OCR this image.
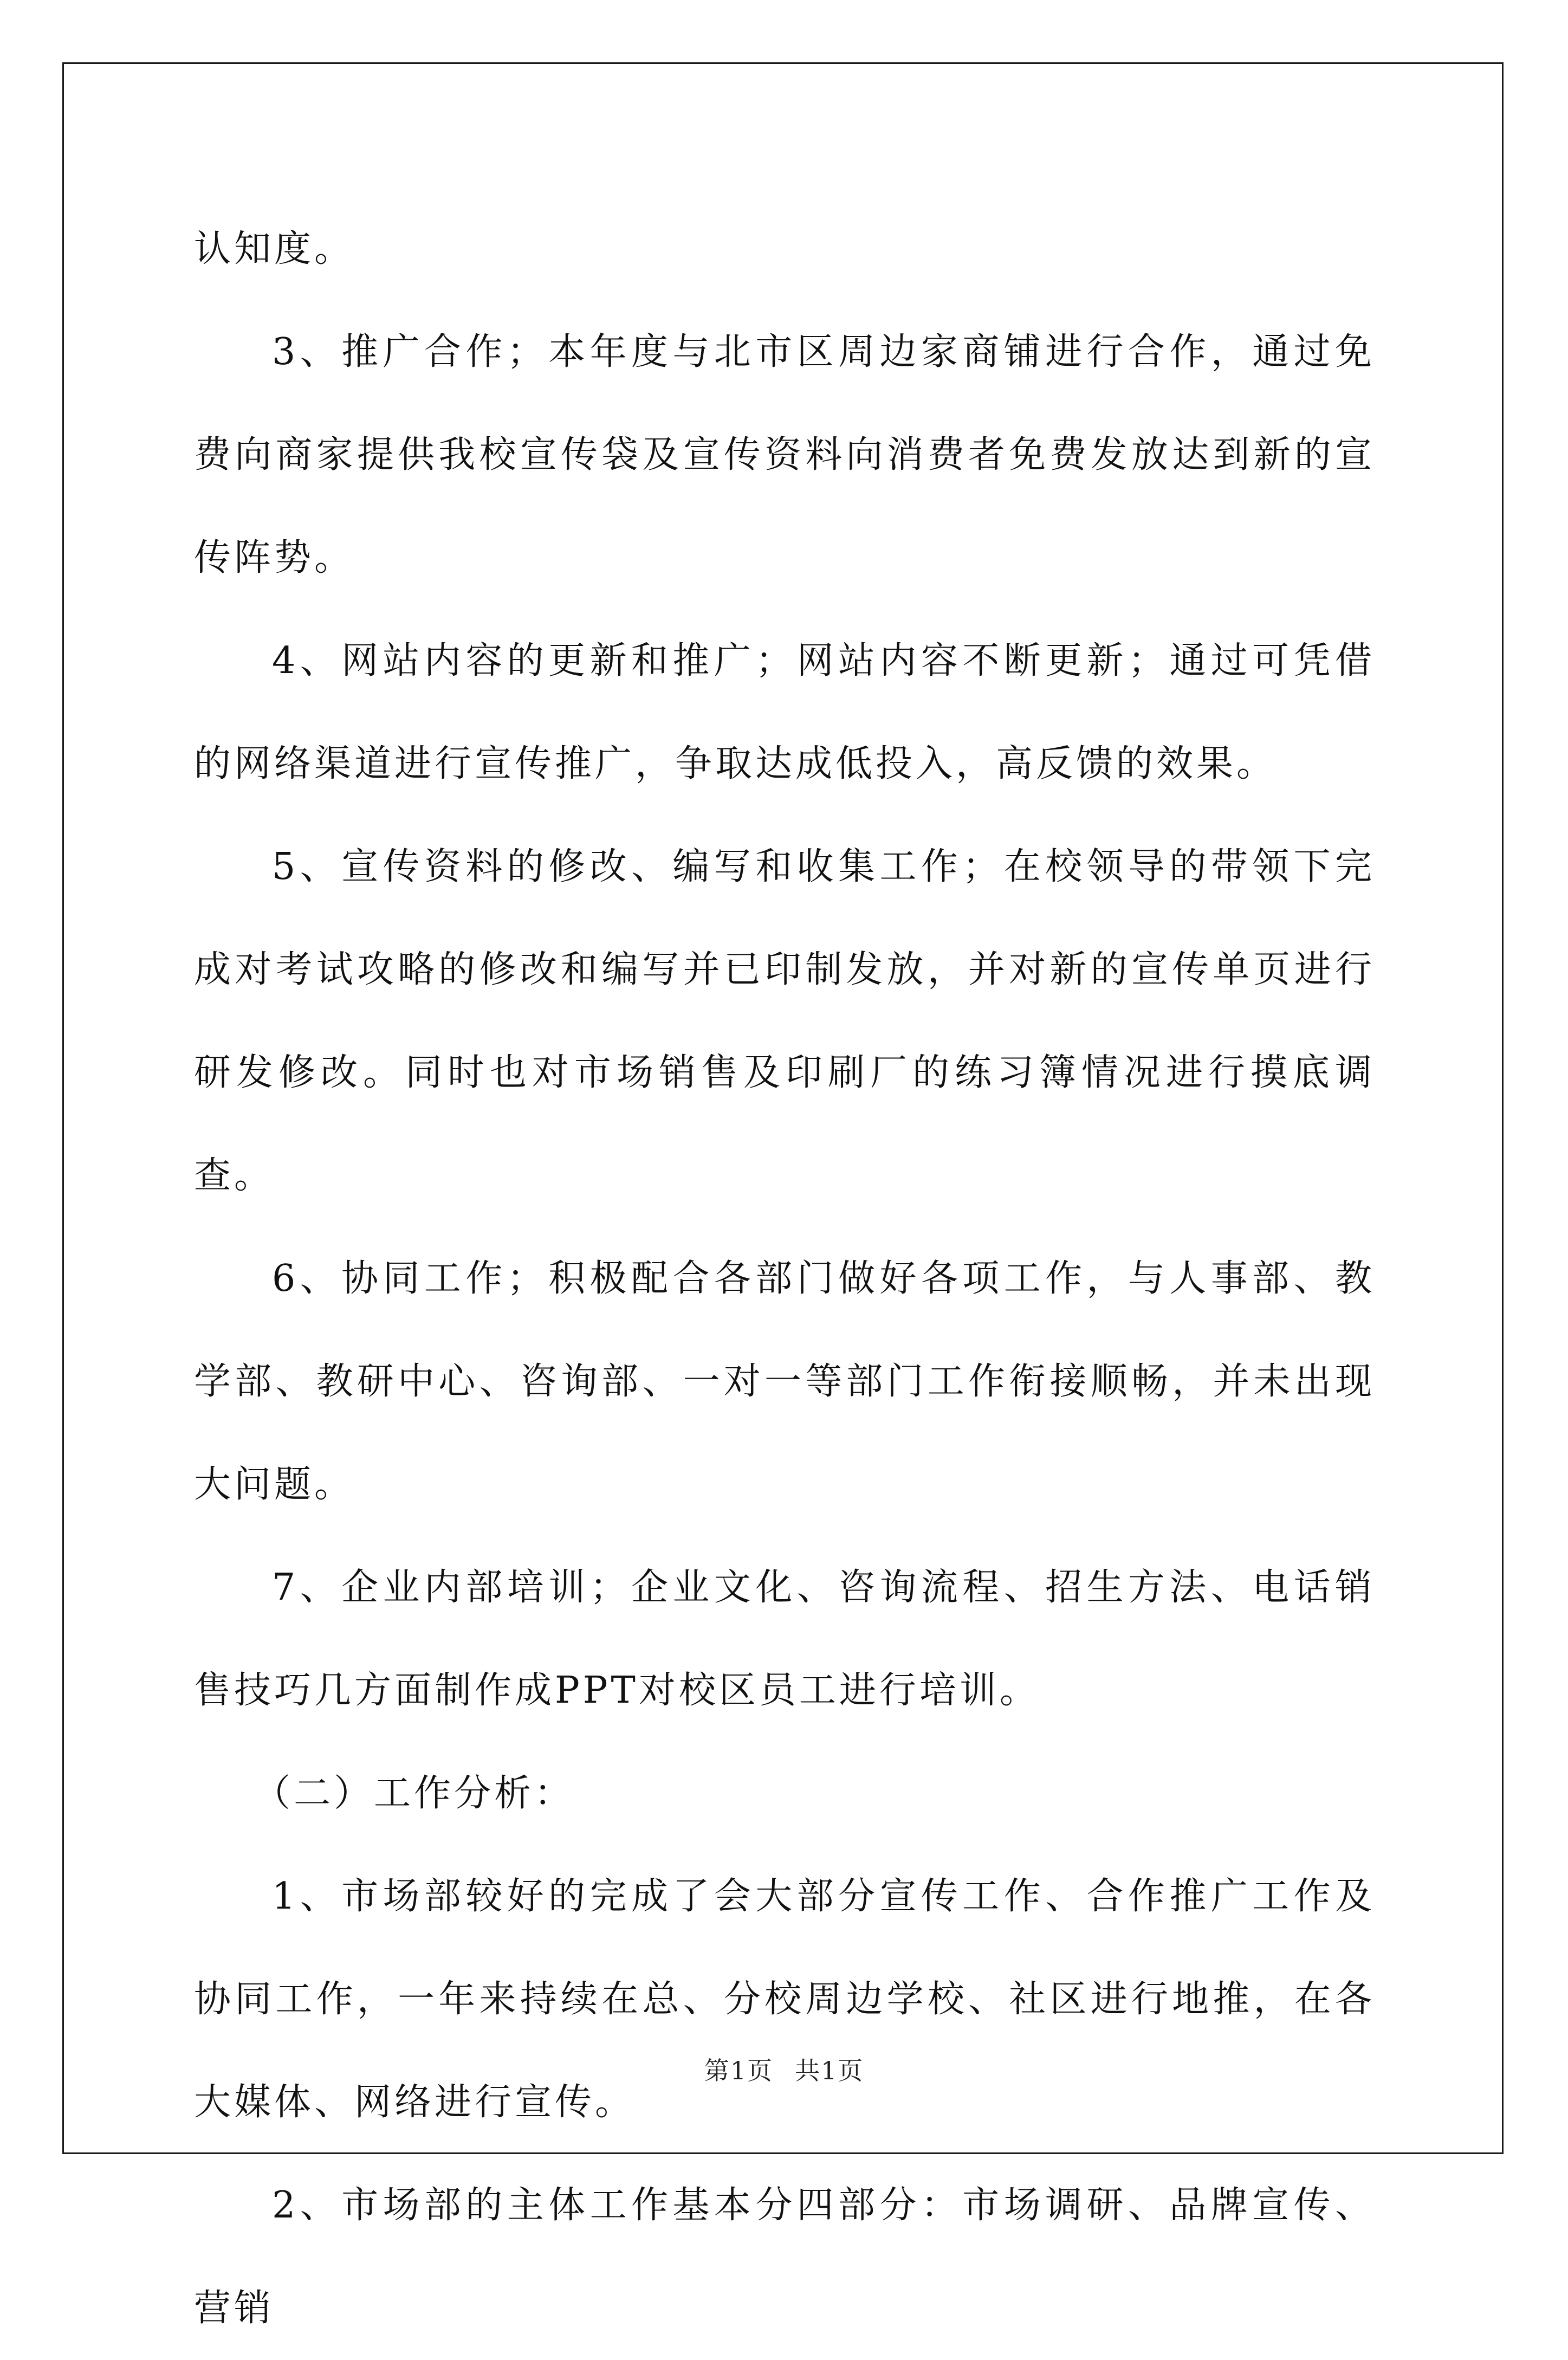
认知度。

3、推广合作；本年度与北市区周边家商铺进行合作，通过免费向商家提供我校宣传袋及宣传资料向消费者免费发放达到新的宣传阵势。

4、网站内容的更新和推广；网站内容不断更新；通过可凭借的网络渠道进行宣传推广，争取达成低投入，高反馈的效果。

5、宣传资料的修改、编写和收集工作；在校领导的带领下完成对考试攻略的修改和编写并已印制发放，并对新的宣传单页进行研发修改。同时也对市场销售及印刷厂的练习簿情况进行摸底调查。

6、协同工作；积极配合各部门做好各项工作，与人事部、教学部、教研中心、咨询部、一对一等部门工作衔接顺畅，并未出现大问题。

7、企业内部培训；企业文化、咨询流程、招生方法、电话销售技巧几方面制作成PPT对校区员工进行培训。

（二）工作分析：

1、市场部较好的完成了会大部分宣传工作、合作推广工作及协同工作，一年来持续在总、分校周边学校、社区进行地推，在各大媒体、网络进行宣传。

2、市场部的主体工作基本分四部分：市场调研、品牌宣传、营销

第1页 共1页
